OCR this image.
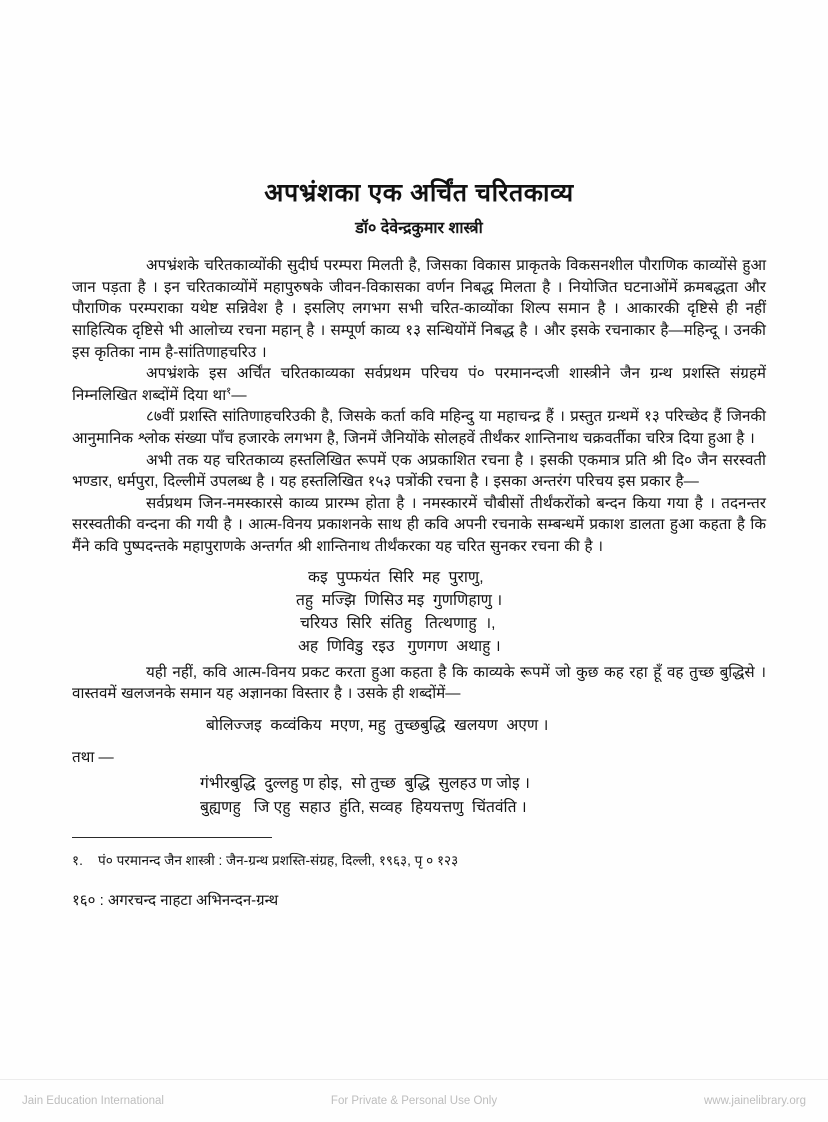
अपभ्रंशका एक अर्चिंत चरितकाव्य

डॉ० देवेन्द्रकुमार शास्त्री

अपभ्रंशके चरितकाव्योंकी सुदीर्घ परम्परा मिलती है, जिसका विकास प्राकृतके विकसनशील पौराणिक काव्योंसे हुआ जान पड़ता है । इन चरितकाव्योंमें महापुरुषके जीवन-विकासका वर्णन निबद्ध मिलता है । नियोजित घटनाओंमें क्रमबद्धता और पौराणिक परम्पराका यथेष्ट सन्निवेश है । इसलिए लगभग सभी चरित-काव्योंका शिल्प समान है । आकारकी दृष्टिसे ही नहीं साहित्यिक दृष्टिसे भी आलोच्य रचना महान् है । सम्पूर्ण काव्य १३ सन्धियोंमें निबद्ध है । और इसके रचनाकार है—महिन्दू । उनकी इस कृतिका नाम है-सांतिणाहचरिउ ।

अपभ्रंशके इस अर्चिंत चरितकाव्यका सर्वप्रथम परिचय पं० परमानन्दजी शास्त्रीने जैन ग्रन्थ प्रशस्ति संग्रहमें निम्नलिखित शब्दोंमें दिया था$^१$—

८७वीं प्रशस्ति सांतिणाहचरिउकी है, जिसके कर्ता कवि महिन्दु या महाचन्द्र हैं । प्रस्तुत ग्रन्थमें १३ परिच्छेद हैं जिनकी आनुमानिक श्लोक संख्या पाँच हजारके लगभग है, जिनमें जैनियोंके सोलहवें तीर्थंकर शान्तिनाथ चक्रवर्तीका चरित्र दिया हुआ है ।

अभी तक यह चरितकाव्य हस्तलिखित रूपमें एक अप्रकाशित रचना है । इसकी एकमात्र प्रति श्री दि० जैन सरस्वती भण्डार, धर्मपुरा, दिल्लीमें उपलब्ध है । यह हस्तलिखित १५३ पत्रोंकी रचना है । इसका अन्तरंग परिचय इस प्रकार है—

सर्वप्रथम जिन-नमस्कारसे काव्य प्रारम्भ होता है । नमस्कारमें चौबीसों तीर्थंकरोंको बन्दन किया गया है । तदनन्तर सरस्वतीकी वन्दना की गयी है । आत्म-विनय प्रकाशनके साथ ही कवि अपनी रचनाके सम्बन्धमें प्रकाश डालता हुआ कहता है कि मैंने कवि पुष्पदन्तके महापुराणके अन्तर्गत श्री शान्तिनाथ तीर्थंकरका यह चरित सुनकर रचना की है ।

कइ  पुप्फयंत  सिरि  मह  पुराणु,
तहु  मज्झि  णिसिउ मइ  गुणणिहाणु ।
चरियउ  सिरि  संतिहु   तित्थणाहु  ।,
अह  णिविडु  रइउ   गुणगण  अथाहु ।

यही नहीं, कवि आत्म-विनय प्रकट करता हुआ कहता है कि काव्यके रूपमें जो कुछ कह रहा हूँ वह तुच्छ बुद्धिसे । वास्तवमें खलजनके समान यह अज्ञानका विस्तार है । उसके ही शब्दोंमें—

बोलिज्जइ  कव्वंकिय  मएण, महु  तुच्छबुद्धि  खलयण  अएण ।

तथा —

गंभीरबुद्धि  दुल्लहु ण होइ,  सो तुच्छ  बुद्धि  सुलहउ ण जोइ ।
बुह्यणहु   जि एहु  सहाउ  हुंति, सव्वह  हिययत्तणु  चिंतवंति ।

१. पं० परमानन्द जैन शास्त्री : जैन-ग्रन्थ प्रशस्ति-संग्रह, दिल्ली, १९६३, पृ ० १२३

१६० : अगरचन्द नाहटा अभिनन्दन-ग्रन्थ

Jain Education International	For Private & Personal Use Only	www.jainelibrary.org
